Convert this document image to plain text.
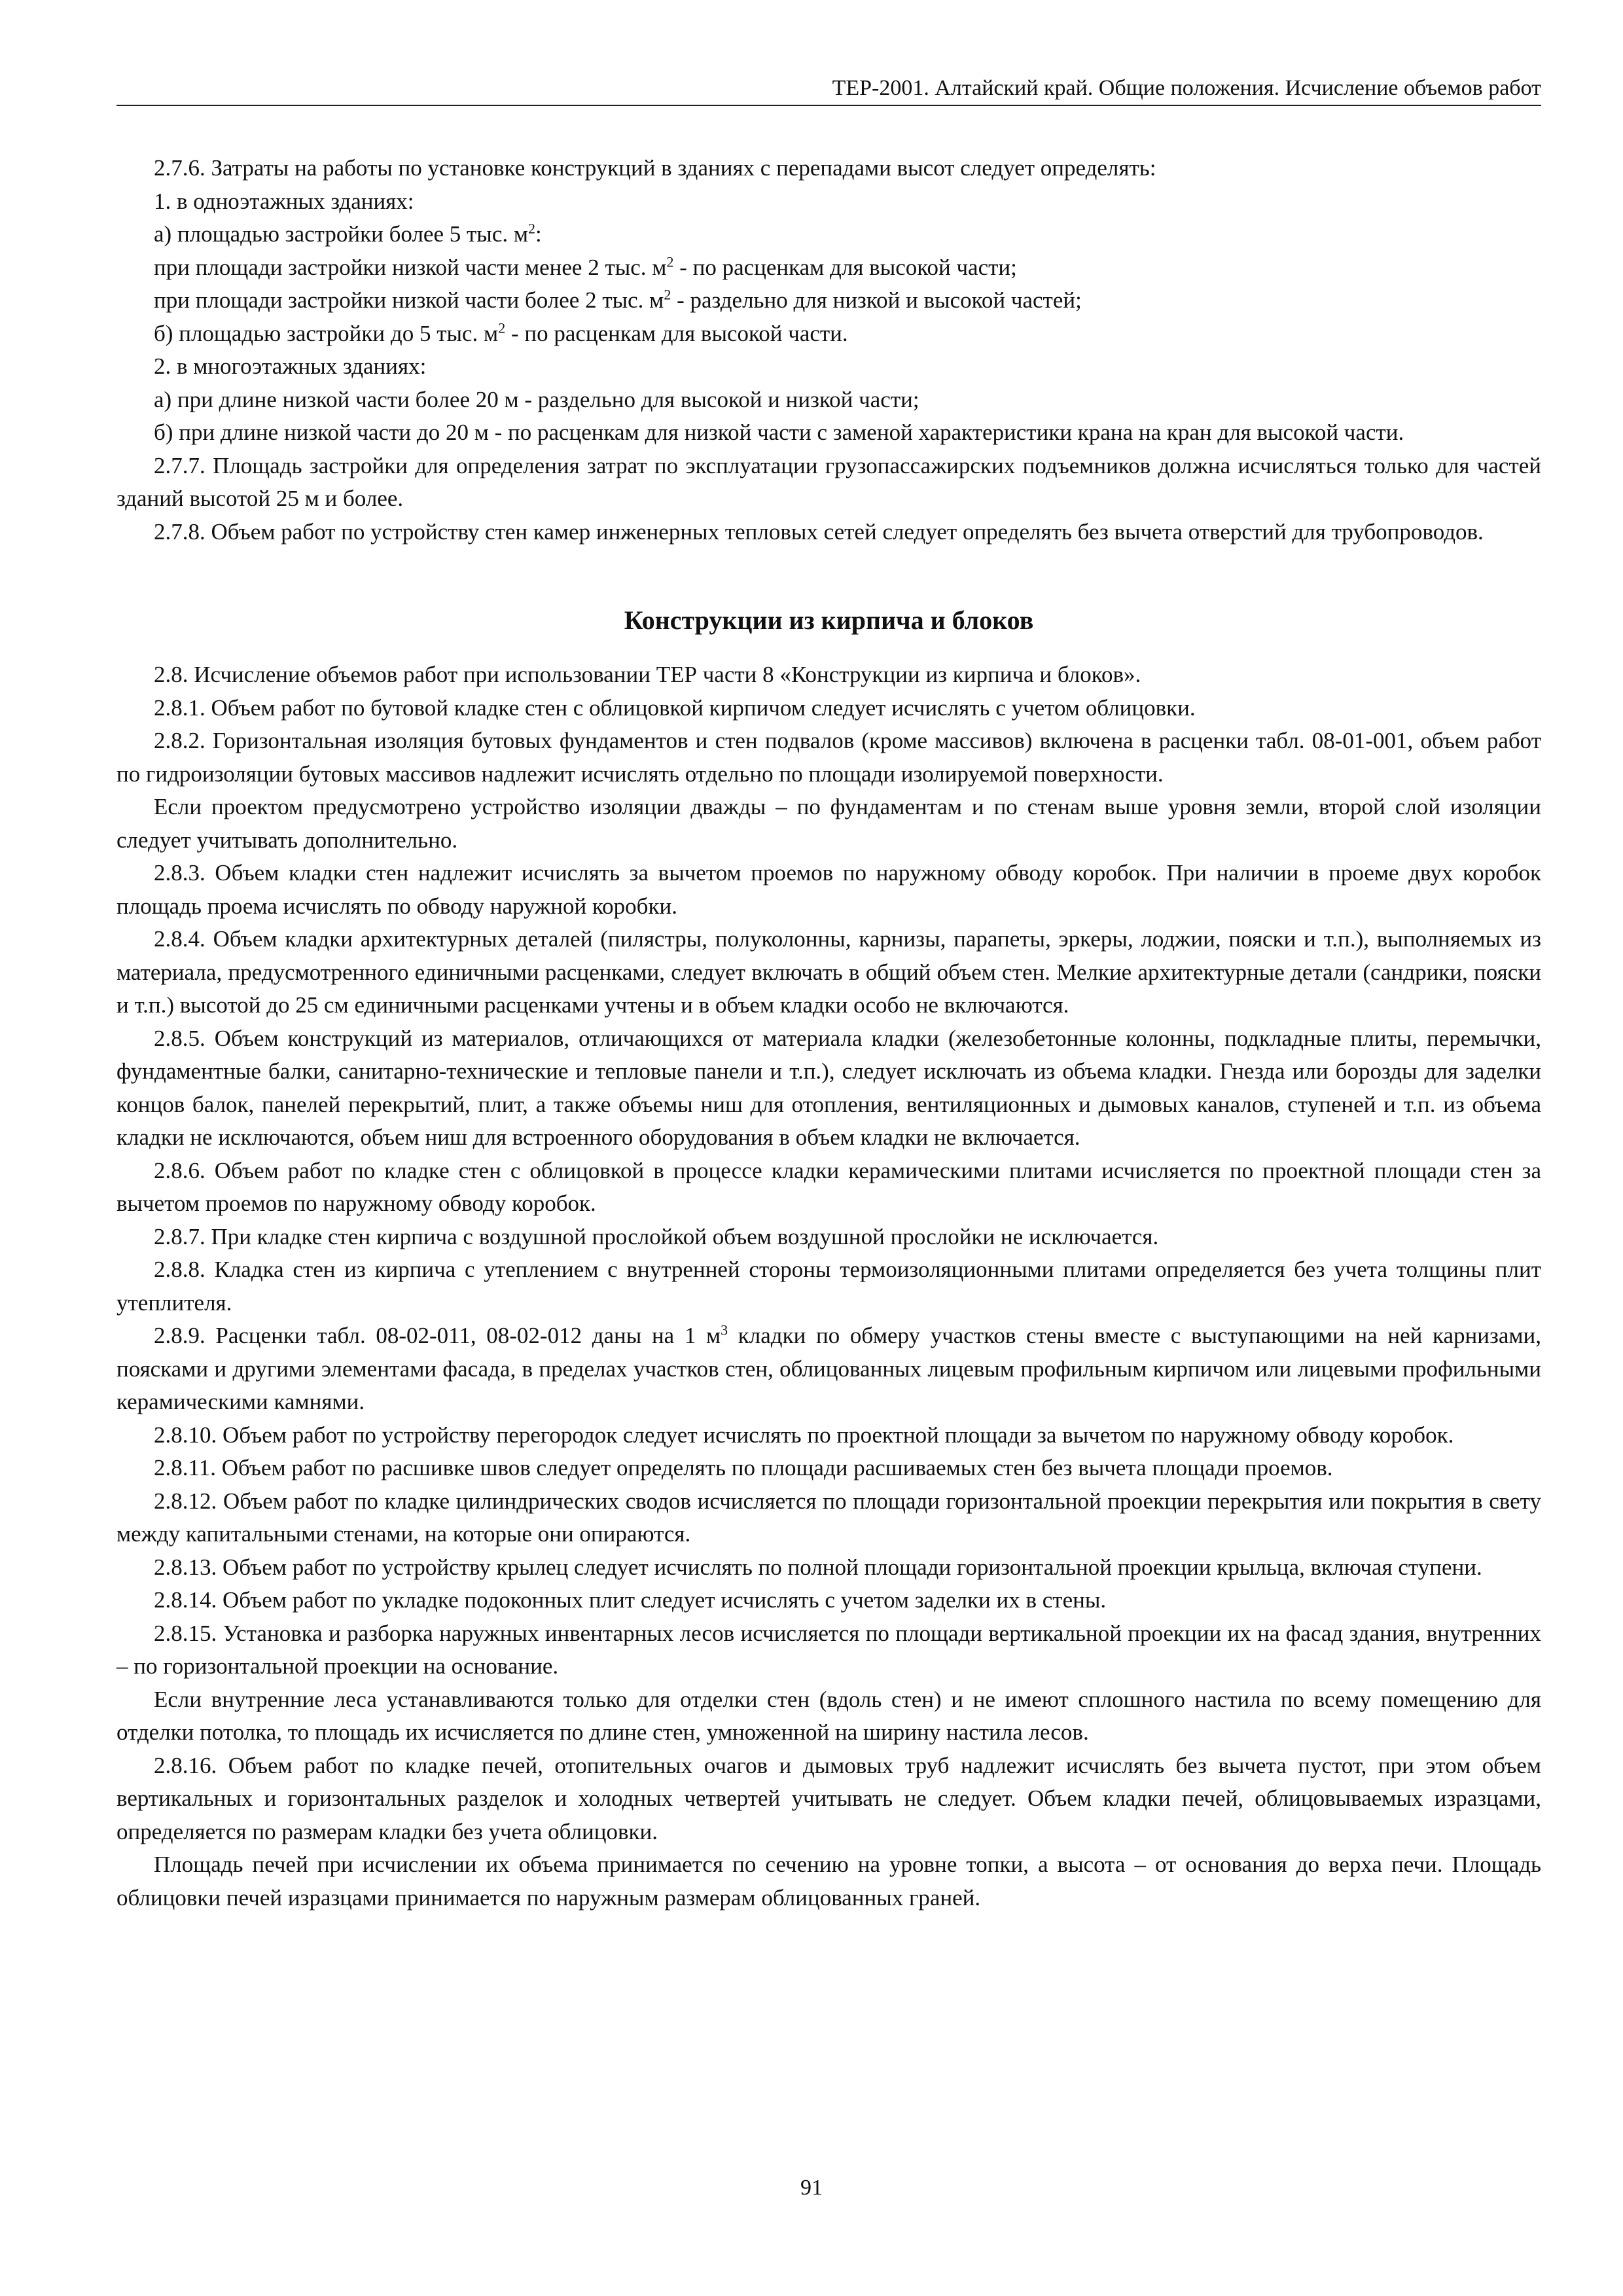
ТЕР-2001. Алтайский край. Общие положения. Исчисление объемов работ

2.7.6. Затраты на работы по установке конструкций в зданиях с перепадами высот следует определять:

1. в одноэтажных зданиях:

а) площадью застройки более 5 тыс. $м^2$:

при площади застройки низкой части менее 2 тыс. $м^2$ - по расценкам для высокой части;

при площади застройки низкой части более 2 тыс. $м^2$ - раздельно для низкой и высокой частей;

б) площадью застройки до 5 тыс. $м^2$ - по расценкам для высокой части.

2. в многоэтажных зданиях:

а) при длине низкой части более 20 м - раздельно для высокой и низкой части;

б) при длине низкой части до 20 м - по расценкам для низкой части с заменой характеристики крана на кран для высокой части.

2.7.7. Площадь застройки для определения затрат по эксплуатации грузопассажирских подъемников должна исчисляться только для частей зданий высотой 25 м и более.

2.7.8. Объем работ по устройству стен камер инженерных тепловых сетей следует определять без вычета отверстий для трубопроводов.

Конструкции из кирпича и блоков

2.8. Исчисление объемов работ при использовании ТЕР части 8 «Конструкции из кирпича и блоков».

2.8.1. Объем работ по бутовой кладке стен с облицовкой кирпичом следует исчислять с учетом облицовки.

2.8.2. Горизонтальная изоляция бутовых фундаментов и стен подвалов (кроме массивов) включена в расценки табл. 08-01-001, объем работ по гидроизоляции бутовых массивов надлежит исчислять отдельно по площади изолируемой поверхности.

Если проектом предусмотрено устройство изоляции дважды – по фундаментам и по стенам выше уровня земли, второй слой изоляции следует учитывать дополнительно.

2.8.3. Объем кладки стен надлежит исчислять за вычетом проемов по наружному обводу коробок. При наличии в проеме двух коробок площадь проема исчислять по обводу наружной коробки.

2.8.4. Объем кладки архитектурных деталей (пилястры, полуколонны, карнизы, парапеты, эркеры, лоджии, пояски и т.п.), выполняемых из материала, предусмотренного единичными расценками, следует включать в общий объем стен. Мелкие архитектурные детали (сандрики, пояски и т.п.) высотой до 25 см единичными расценками учтены и в объем кладки особо не включаются.

2.8.5. Объем конструкций из материалов, отличающихся от материала кладки (железобетонные колонны, подкладные плиты, перемычки, фундаментные балки, санитарно-технические и тепловые панели и т.п.), следует исключать из объема кладки. Гнезда или борозды для заделки концов балок, панелей перекрытий, плит, а также объемы ниш для отопления, вентиляционных и дымовых каналов, ступеней и т.п. из объема кладки не исключаются, объем ниш для встроенного оборудования в объем кладки не включается.

2.8.6. Объем работ по кладке стен с облицовкой в процессе кладки керамическими плитами исчисляется по проектной площади стен за вычетом проемов по наружному обводу коробок.

2.8.7. При кладке стен кирпича с воздушной прослойкой объем воздушной прослойки не исключается.

2.8.8. Кладка стен из кирпича с утеплением с внутренней стороны термоизоляционными плитами определяется без учета толщины плит утеплителя.

2.8.9. Расценки табл. 08-02-011, 08-02-012 даны на 1 $м^3$ кладки по обмеру участков стены вместе с выступающими на ней карнизами, поясками и другими элементами фасада, в пределах участков стен, облицованных лицевым профильным кирпичом или лицевыми профильными керамическими камнями.

2.8.10. Объем работ по устройству перегородок следует исчислять по проектной площади за вычетом по наружному обводу коробок.

2.8.11. Объем работ по расшивке швов следует определять по площади расшиваемых стен без вычета площади проемов.

2.8.12. Объем работ по кладке цилиндрических сводов исчисляется по площади горизонтальной проекции перекрытия или покрытия в свету между капитальными стенами, на которые они опираются.

2.8.13. Объем работ по устройству крылец следует исчислять по полной площади горизонтальной проекции крыльца, включая ступени.

2.8.14. Объем работ по укладке подоконных плит следует исчислять с учетом заделки их в стены.

2.8.15. Установка и разборка наружных инвентарных лесов исчисляется по площади вертикальной проекции их на фасад здания, внутренних – по горизонтальной проекции на основание.

Если внутренние леса устанавливаются только для отделки стен (вдоль стен) и не имеют сплошного настила по всему помещению для отделки потолка, то площадь их исчисляется по длине стен, умноженной на ширину настила лесов.

2.8.16. Объем работ по кладке печей, отопительных очагов и дымовых труб надлежит исчислять без вычета пустот, при этом объем вертикальных и горизонтальных разделок и холодных четвертей учитывать не следует. Объем кладки печей, облицовываемых изразцами, определяется по размерам кладки без учета облицовки.

Площадь печей при исчислении их объема принимается по сечению на уровне топки, а высота – от основания до верха печи. Площадь облицовки печей изразцами принимается по наружным размерам облицованных граней.

91
